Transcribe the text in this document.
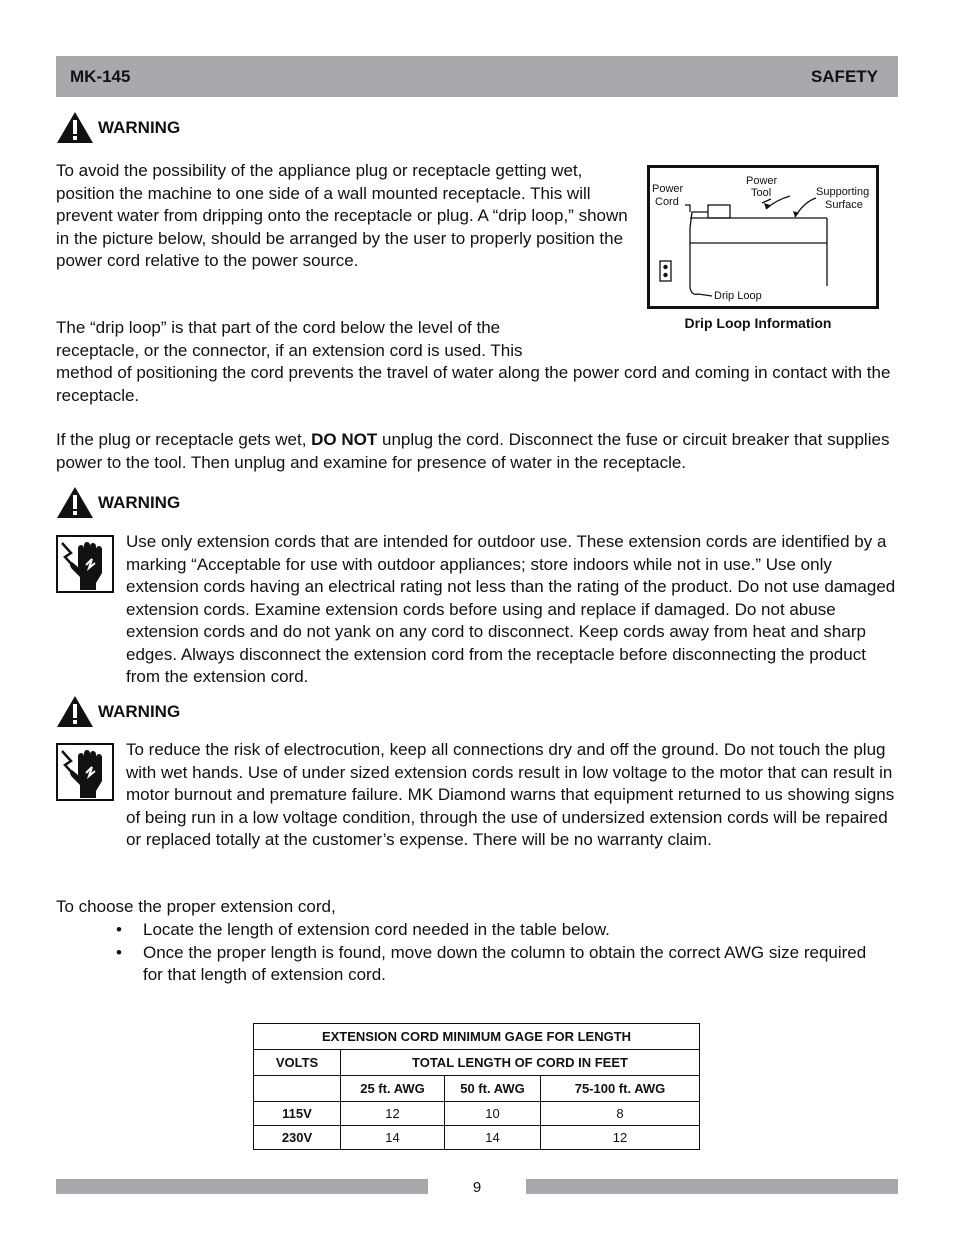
MK-145	SAFETY
WARNING
To avoid the possibility of the appliance plug or receptacle getting wet, position the machine to one side of a wall mounted receptacle. This will prevent water from dripping onto the receptacle or plug. A “drip loop,” shown in the picture below, should be arranged by the user to properly position the power cord relative to the power source.
Power
Cord
Power
Tool	Supporting
Surface
Drip Loop
Drip Loop Information
The “drip loop” is that part of the cord below the level of the receptacle, or the connector, if an extension cord is used. This
method of positioning the cord prevents the travel of water along the power cord and coming in contact with the receptacle.
If the plug or receptacle gets wet, DO NOT unplug the cord. Disconnect the fuse or circuit breaker that supplies power to the tool. Then unplug and examine for presence of water in the receptacle.
WARNING
Use only extension cords that are intended for outdoor use. These extension cords are identified by a marking “Acceptable for use with outdoor appliances; store indoors while not in use.” Use only extension cords having an electrical rating not less than the rating of the product. Do not use damaged extension cords. Examine extension cords before using and replace if damaged. Do not abuse extension cords and do not yank on any cord to disconnect. Keep cords away from heat and sharp edges. Always disconnect the extension cord from the receptacle before disconnecting the product from the extension cord.
WARNING
To reduce the risk of electrocution, keep all connections dry and off the ground. Do not touch the plug with wet hands. Use of under sized extension cords result in low voltage to the motor that can result in motor burnout and premature failure. MK Diamond warns that equipment returned to us showing signs of being run in a low voltage condition, through the use of undersized extension cords will be repaired or replaced totally at the customer’s expense. There will be no warranty claim.
To choose the proper extension cord,
•	Locate the length of extension cord needed in the table below.
•	Once the proper length is found, move down the column to obtain the correct AWG size required for that length of extension cord.
EXTENSION CORD MINIMUM GAGE FOR LENGTH			
VOLTS	TOTAL LENGTH OF CORD IN FEET		
	25 ft. AWG	50 ft. AWG	75-100 ft. AWG
115V	12	10	8
230V	14	14	12
9
